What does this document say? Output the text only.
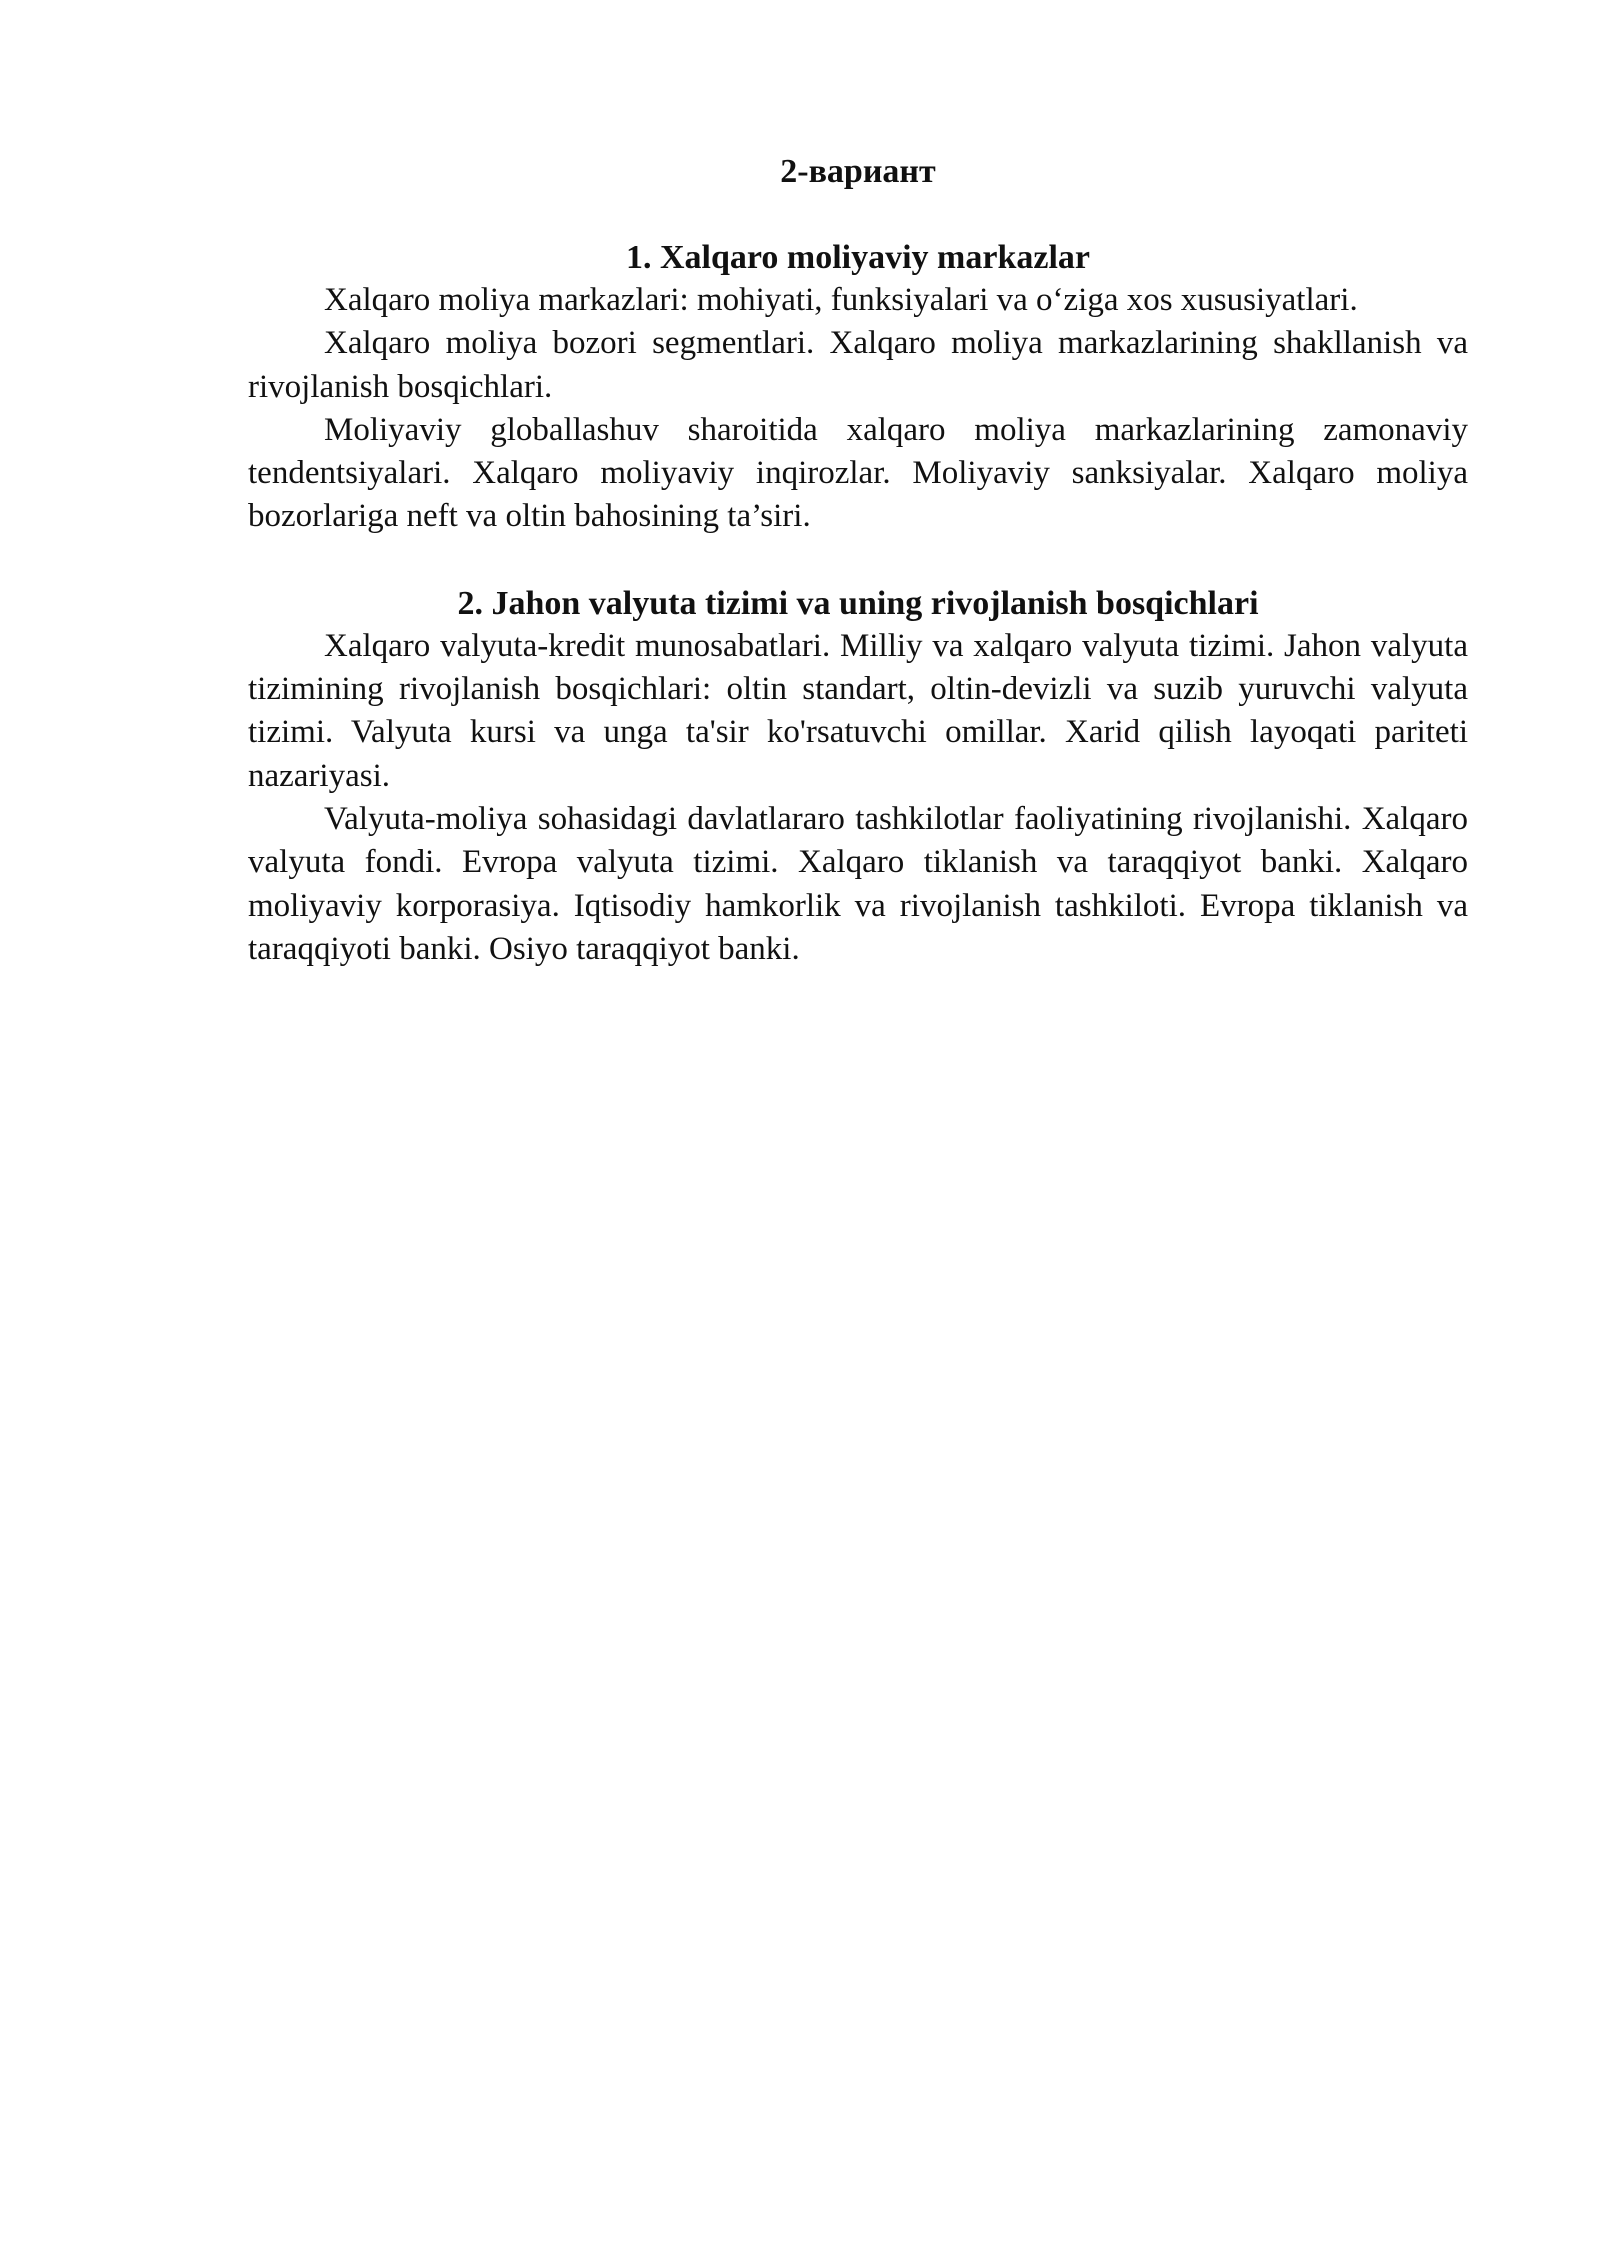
2-вариант
1. Xalqaro moliyaviy markazlar

Xalqaro moliya markazlari: mohiyati, funksiyalari va o‘ziga xos xususiyatlari.

Xalqaro moliya bozori segmentlari. Xalqaro moliya markazlarining shakllanish va rivojlanish bosqichlari.

Moliyaviy globallashuv sharoitida xalqaro moliya markazlarining zamonaviy tendentsiyalari. Xalqaro moliyaviy inqirozlar. Moliyaviy sanksiyalar. Xalqaro moliya bozorlariga neft va oltin bahosining ta’siri.

2. Jahon valyuta tizimi va uning rivojlanish bosqichlari

Xalqaro valyuta-kredit munosabatlari. Milliy va xalqaro valyuta tizimi. Jahon valyuta tizimining rivojlanish bosqichlari: oltin standart, oltin-devizli va suzib yuruvchi valyuta tizimi. Valyuta kursi va unga ta'sir ko'rsatuvchi omillar. Xarid qilish layoqati pariteti nazariyasi.

Valyuta-moliya sohasidagi davlatlararo tashkilotlar faoliyatining rivojlanishi. Xalqaro valyuta fondi. Evropa valyuta tizimi. Xalqaro tiklanish va taraqqiyot banki. Xalqaro moliyaviy korporasiya. Iqtisodiy hamkorlik va rivojlanish tashkiloti. Evropa tiklanish va taraqqiyoti banki. Osiyo taraqqiyot banki.
